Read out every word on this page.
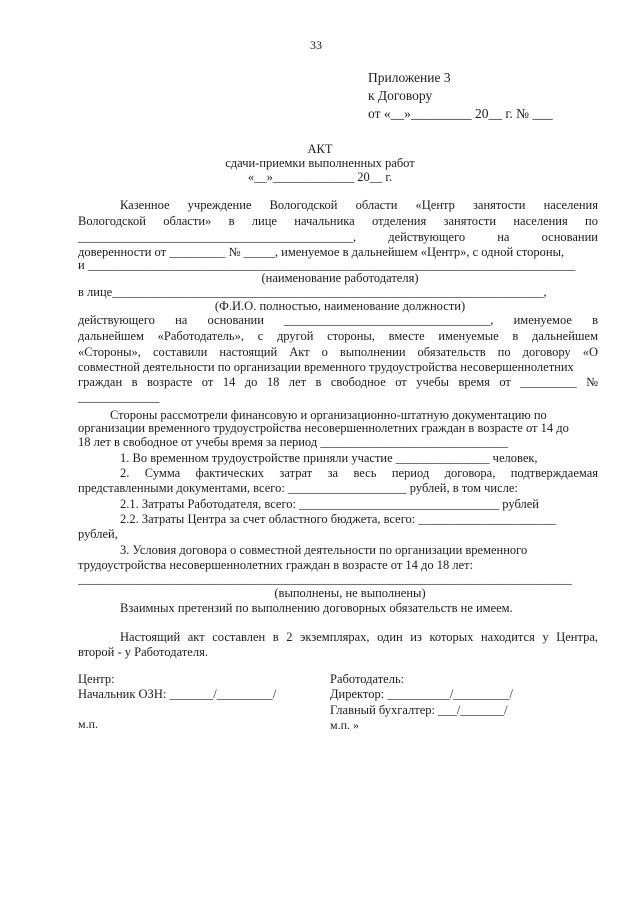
33
Приложение 3
к Договору
от «__»_________ 20__ г. № ___
АКТ
сдачи-приемки выполненных работ
«__»_____________ 20__ г.
Казенное учреждение Вологодской области «Центр занятости населения
Вологодской области» в лице начальника отделения занятости населения по
____________________________________________, действующего на основании
доверенности от _________ № _____, именуемое в дальнейшем «Центр», с одной стороны,
и ______________________________________________________________________________
(наименование работодателя)
в лице_____________________________________________________________________,
(Ф.И.О. полностью, наименование должности)
действующего на основании _________________________________, именуемое в
дальнейшем «Работодатель», с другой стороны, вместе именуемые в дальнейшем
«Стороны», составили настоящий Акт о выполнении обязательств по договору «О
совместной деятельности по организации временного трудоустройства несовершеннолетних
граждан в возрасте от 14 до 18 лет в свободное от учебы время от _________ №
_____________
Стороны рассмотрели финансовую и организационно-штатную документацию по
организации временного трудоустройства несовершеннолетних граждан в возрасте от 14 до
18 лет в свободное от учебы время за период ______________________________
1. Во временном трудоустройстве приняли участие _______________ человек,
2. Сумма фактических затрат за весь период договора, подтверждаемая
представленными документами, всего: ___________________ рублей, в том числе:
2.1. Затраты Работодателя, всего: ________________________________ рублей
2.2. Затраты Центра за счет областного бюджета, всего: ______________________
рублей,
3. Условия договора о совместной деятельности по организации временного
трудоустройства несовершеннолетних граждан в возрасте от 14 до 18 лет:
_______________________________________________________________________________
(выполнены, не выполнены)
Взаимных претензий по выполнению договорных обязательств не имеем.
Настоящий акт составлен в 2 экземплярах, один из которых находится у Центра,
второй - у Работодателя.
Центр:
Начальник ОЗН: _______/_________/
м.п.
Работодатель:
Директор: __________/_________/
Главный бухгалтер: ___/_______/
м.п. »
